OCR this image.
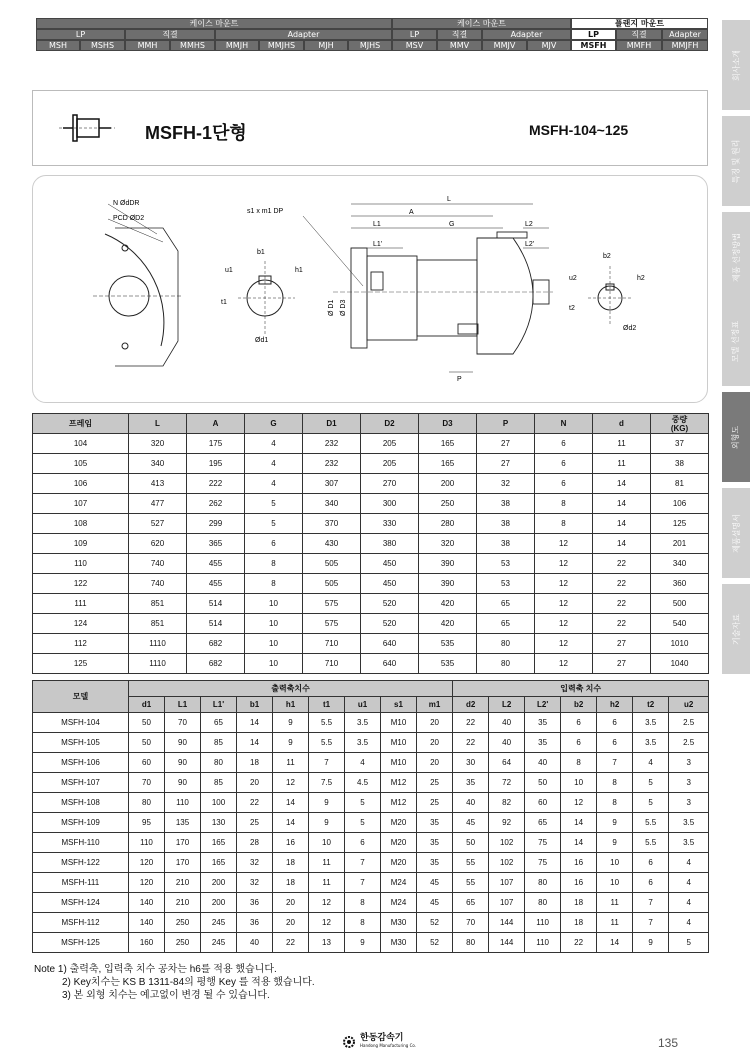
케이스 마운트	케이스 마운트	플랜지 마운트
LP	직결	Adapter	LP	직결	Adapter	LP	직결	Adapter
MSH	MSHS	MMH	MMHS	MMJH	MMJHS	MJH	MJHS	MSV	MMV	MMJV	MJV	MSFH	MMFH	MMJFH
회사소개
특징 및 원리
제품 선정방법
모델 선정표
외형도
제품설명서
기술자료
MSFH-1단형	MSFH-104~125
N ØdDR
PCD ØD2
s1 x m1 DP
b1
u1	h1
t1
Ød1
L
A
L1	G	L2
L1'	L2'
Ø D1 Ø D3
P
b2
u2	h2
t2
Ød2
프레임	L	A	G	D1	D2	D3	P	N	d	중량
(KG)
104	320	175	4	232	205	165	27	6	11	37
105	340	195	4	232	205	165	27	6	11	38
106	413	222	4	307	270	200	32	6	14	81
107	477	262	5	340	300	250	38	8	14	106
108	527	299	5	370	330	280	38	8	14	125
109	620	365	6	430	380	320	38	12	14	201
110	740	455	8	505	450	390	53	12	22	340
122	740	455	8	505	450	390	53	12	22	360
111	851	514	10	575	520	420	65	12	22	500
124	851	514	10	575	520	420	65	12	22	540
112	1110	682	10	710	640	535	80	12	27	1010
125	1110	682	10	710	640	535	80	12	27	1040
모델	출력축치수									입력축 치수						
	d1	L1	L1'	b1	h1	t1	u1	s1	m1	d2	L2	L2'	b2	h2	t2	u2
MSFH-104	50	70	65	14	9	5.5	3.5	M10	20	22	40	35	6	6	3.5	2.5
MSFH-105	50	90	85	14	9	5.5	3.5	M10	20	22	40	35	6	6	3.5	2.5
MSFH-106	60	90	80	18	11	7	4	M10	20	30	64	40	8	7	4	3
MSFH-107	70	90	85	20	12	7.5	4.5	M12	25	35	72	50	10	8	5	3
MSFH-108	80	110	100	22	14	9	5	M12	25	40	82	60	12	8	5	3
MSFH-109	95	135	130	25	14	9	5	M20	35	45	92	65	14	9	5.5	3.5
MSFH-110	110	170	165	28	16	10	6	M20	35	50	102	75	14	9	5.5	3.5
MSFH-122	120	170	165	32	18	11	7	M20	35	55	102	75	16	10	6	4
MSFH-111	120	210	200	32	18	11	7	M24	45	55	107	80	16	10	6	4
MSFH-124	140	210	200	36	20	12	8	M24	45	65	107	80	18	11	7	4
MSFH-112	140	250	245	36	20	12	8	M30	52	70	144	110	18	11	7	4
MSFH-125	160	250	245	40	22	13	9	M30	52	80	144	110	22	14	9	5
Note 1) 출력축, 입력축 치수 공차는 h6를 적용 했습니다.
2) Key치수는 KS B 1311-84의 평행 Key 를 적용 했습니다.
3) 본 외형 치수는 예고없이 변경 될 수 있습니다.
한동감속기
Handong Manufacturing Co.	135
